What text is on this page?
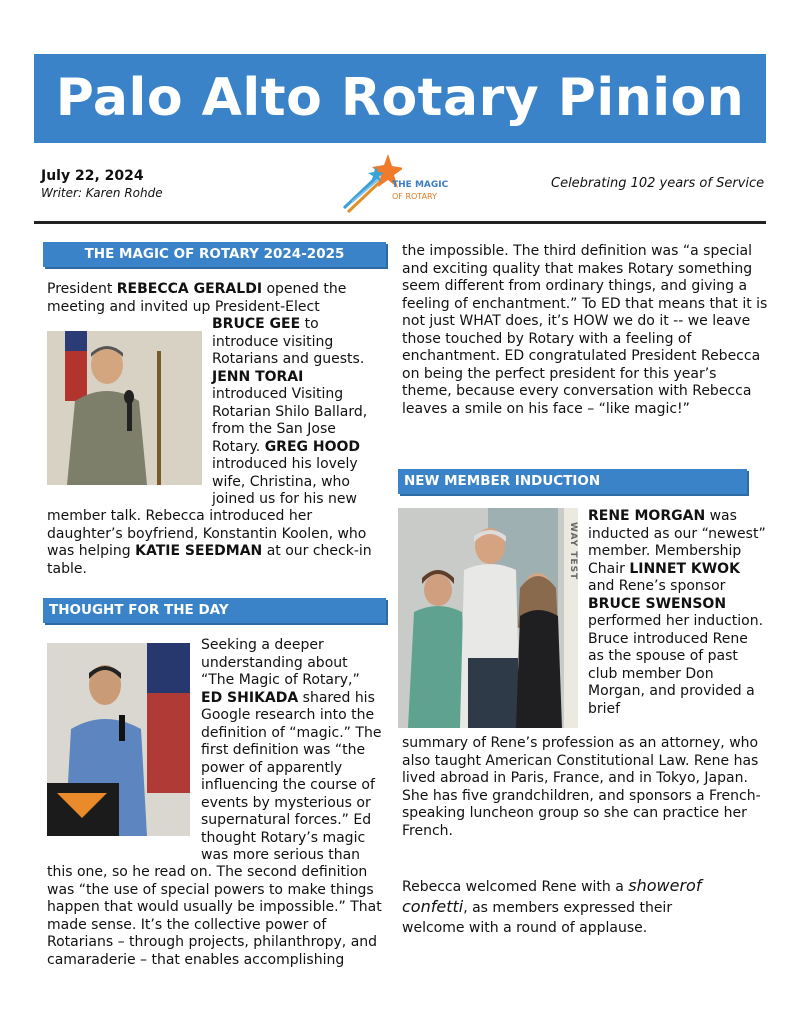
Palo Alto Rotary Pinion
July 22, 2024
Writer: Karen Rohde
THE MAGIC
OF ROTARY
Celebrating 102 years of Service
THE MAGIC OF ROTARY 2024-2025

President REBECCA GERALDI opened the meeting and invited up President-Elect

BRUCE GEE to introduce visiting Rotarians and guests. JENN TORAI introduced Visiting Rotarian Shilo Ballard, from the San Jose Rotary. GREG HOOD introduced his lovely wife, Christina, who joined us for his new

member talk. Rebecca introduced her daughter’s boyfriend, Konstantin Koolen, who was helping KATIE SEEDMAN at our check-in table.

THOUGHT FOR THE DAY

Seeking a deeper understanding about “The Magic of Rotary,”
ED SHIKADA shared his Google research into the definition of “magic.” The first definition was “the power of apparently influencing the course of events by mysterious or supernatural forces.” Ed thought Rotary’s magic was more serious than

this one, so he read on. The second definition was “the use of special powers to make things happen that would usually be impossible.” That made sense. It’s the collective power of Rotarians – through projects, philanthropy, and camaraderie – that enables accomplishing

the impossible. The third definition was “a special and exciting quality that makes Rotary something seem different from ordinary things, and giving a feeling of enchantment.” To ED that means that it is not just WHAT does, it’s HOW we do it -- we leave those touched by Rotary with a feeling of enchantment. ED congratulated President Rebecca on being the perfect president for this year’s theme, because every conversation with Rebecca leaves a smile on his face – “like magic!”

NEW MEMBER INDUCTION
WAY TEST

RENE MORGAN was inducted as our “newest” member. Membership Chair LINNET KWOK and Rene’s sponsor BRUCE SWENSON performed her induction. Bruce introduced Rene as the spouse of past club member Don Morgan, and provided a brief

summary of Rene’s profession as an attorney, who also taught American Constitutional Law. Rene has lived abroad in Paris, France, and in Tokyo, Japan. She has five grandchildren, and sponsors a French-speaking luncheon group so she can practice her French.

Rebecca welcomed Rene with a showerof confetti, as members expressed their welcome with a round of applause.
